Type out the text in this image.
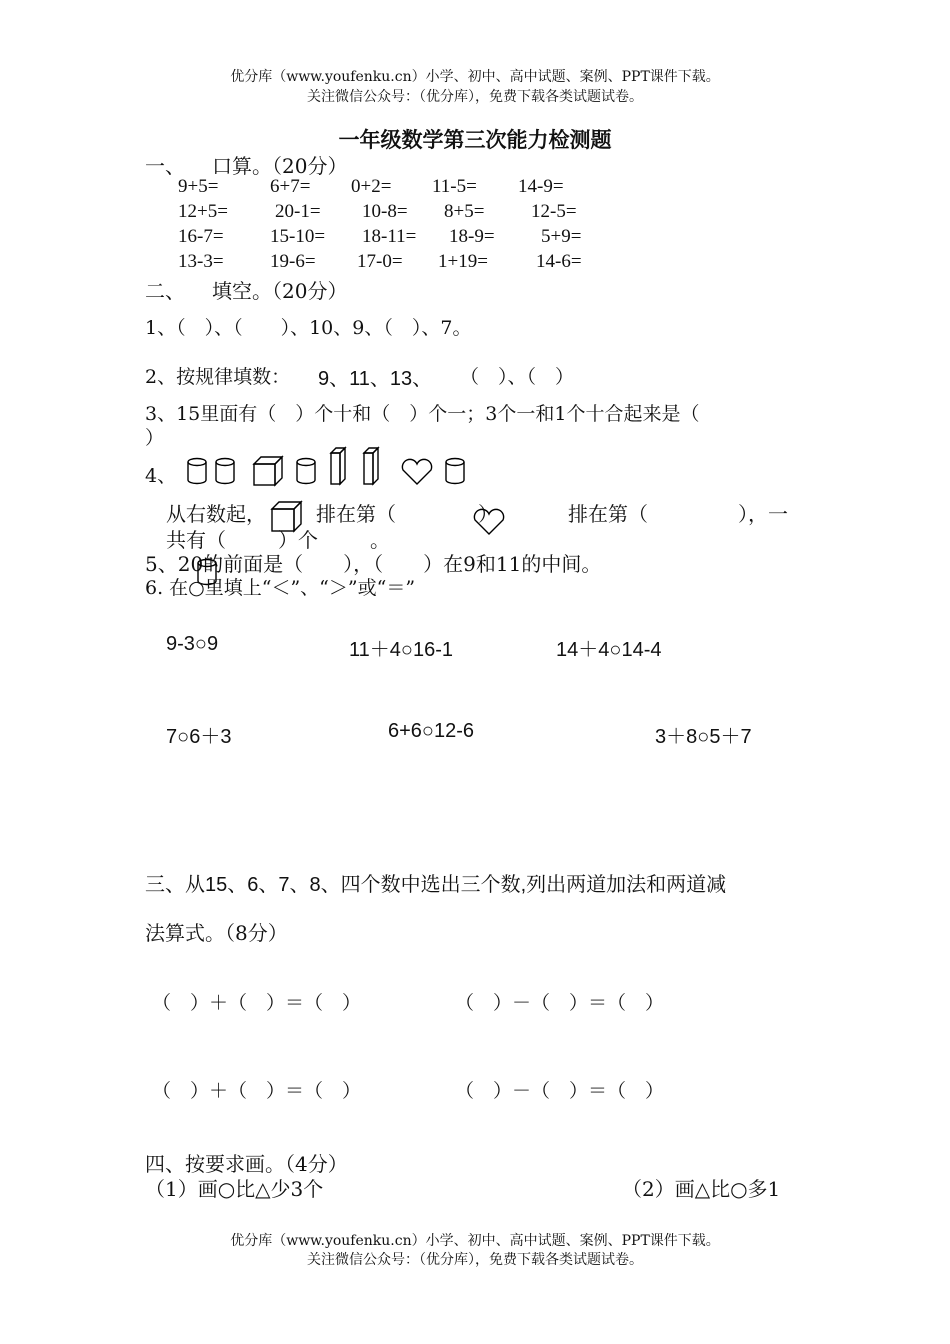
优分库（www.youfenku.cn）小学、初中、高中试题、案例、PPT课件下载。
关注微信公众号：（优分库），免费下载各类试题试卷。
一年级数学第三次能力检测题
一、 口算。（20分）
9+5=	6+7= 0+2= 11-5= 14-9=
12+5= 20-1= 10-8= 8+5= 12-5=
16-7= 15-10= 18-11= 18-9= 5+9=
13-3= 19-6= 17-0= 1+19=	14-6=
二、 填空。（20分）
1、（　）、（　　）、10、9、（　）、7。
2、按规律填数： 9、11、13、 （　）、（　）
3、15里面有（　）个十和（　）个一；3个一和1个十合起来是（
）
4、
从右数起，	排在第（	）	排在第（	），一
共有（	）个	。
5、20的前面是（　　），（　　）在9和11的中间。
6. 在○里填上“＜”、“＞”或“＝”
9-3○9	11＋4○16-1	14＋4○14-4
7○6＋3	6+6○12-6	3＋8○5＋7
三、从15、6、7、8、四个数中选出三个数,列出两道加法和两道减
法算式。（8分）
（　）＋（　）＝（　）	（　）－（　）＝（　）
（　）＋（　）＝（　）	（　）－（　）＝（　）
四、按要求画。（4分）
（1）画○比△少3个	（2）画△比○多1
优分库（www.youfenku.cn）小学、初中、高中试题、案例、PPT课件下载。
关注微信公众号：（优分库），免费下载各类试题试卷。
